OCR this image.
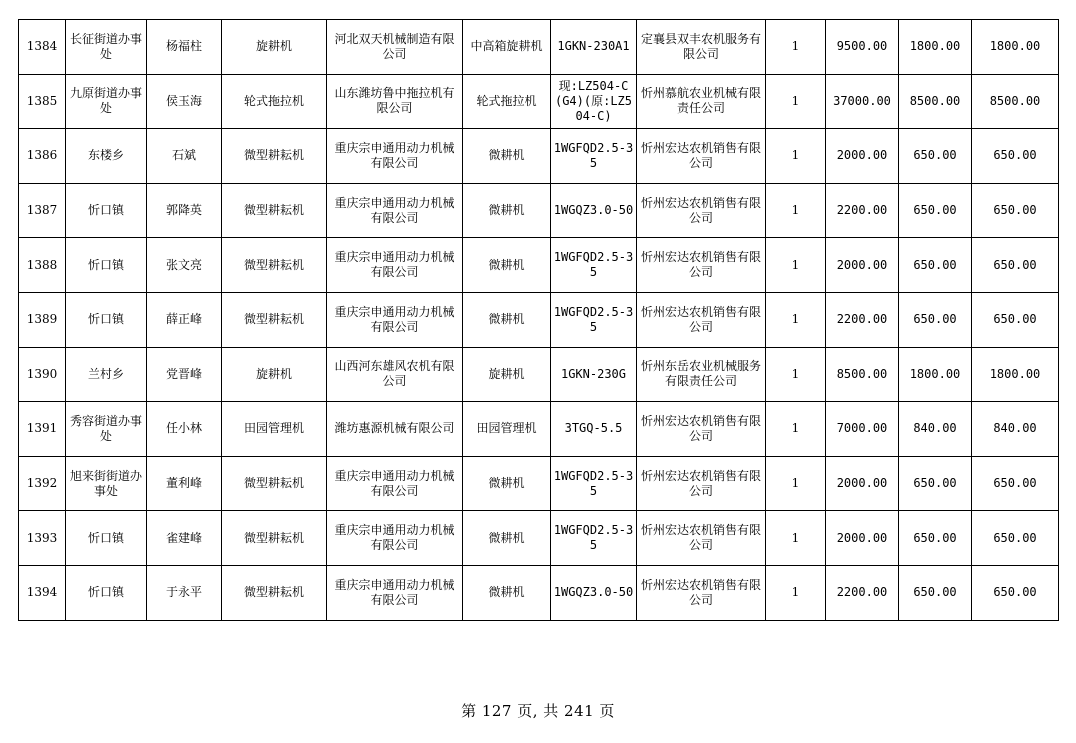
1384	长征街道办事处	杨福柱	旋耕机	河北双天机械制造有限公司	中高箱旋耕机	1GKN-230A1	定襄县双丰农机服务有限公司	1	9500.00	1800.00	1800.00
1385	九原街道办事处	侯玉海	轮式拖拉机	山东潍坊鲁中拖拉机有限公司	轮式拖拉机	现:LZ504-C(G4)(原:LZ504-C)	忻州慕航农业机械有限责任公司	1	37000.00	8500.00	8500.00
1386	东楼乡	石斌	微型耕耘机	重庆宗申通用动力机械有限公司	微耕机	1WGFQD2.5-35	忻州宏达农机销售有限公司	1	2000.00	650.00	650.00
1387	忻口镇	郭降英	微型耕耘机	重庆宗申通用动力机械有限公司	微耕机	1WGQZ3.0-50	忻州宏达农机销售有限公司	1	2200.00	650.00	650.00
1388	忻口镇	张文亮	微型耕耘机	重庆宗申通用动力机械有限公司	微耕机	1WGFQD2.5-35	忻州宏达农机销售有限公司	1	2000.00	650.00	650.00
1389	忻口镇	薛正峰	微型耕耘机	重庆宗申通用动力机械有限公司	微耕机	1WGFQD2.5-35	忻州宏达农机销售有限公司	1	2200.00	650.00	650.00
1390	兰村乡	党晋峰	旋耕机	山西河东雄风农机有限公司	旋耕机	1GKN-230G	忻州东岳农业机械服务有限责任公司	1	8500.00	1800.00	1800.00
1391	秀容街道办事处	任小林	田园管理机	潍坊惠源机械有限公司	田园管理机	3TGQ-5.5	忻州宏达农机销售有限公司	1	7000.00	840.00	840.00
1392	旭来街街道办事处	董利峰	微型耕耘机	重庆宗申通用动力机械有限公司	微耕机	1WGFQD2.5-35	忻州宏达农机销售有限公司	1	2000.00	650.00	650.00
1393	忻口镇	雀建峰	微型耕耘机	重庆宗申通用动力机械有限公司	微耕机	1WGFQD2.5-35	忻州宏达农机销售有限公司	1	2000.00	650.00	650.00
1394	忻口镇	于永平	微型耕耘机	重庆宗申通用动力机械有限公司	微耕机	1WGQZ3.0-50	忻州宏达农机销售有限公司	1	2200.00	650.00	650.00
第 127 页, 共 241 页
